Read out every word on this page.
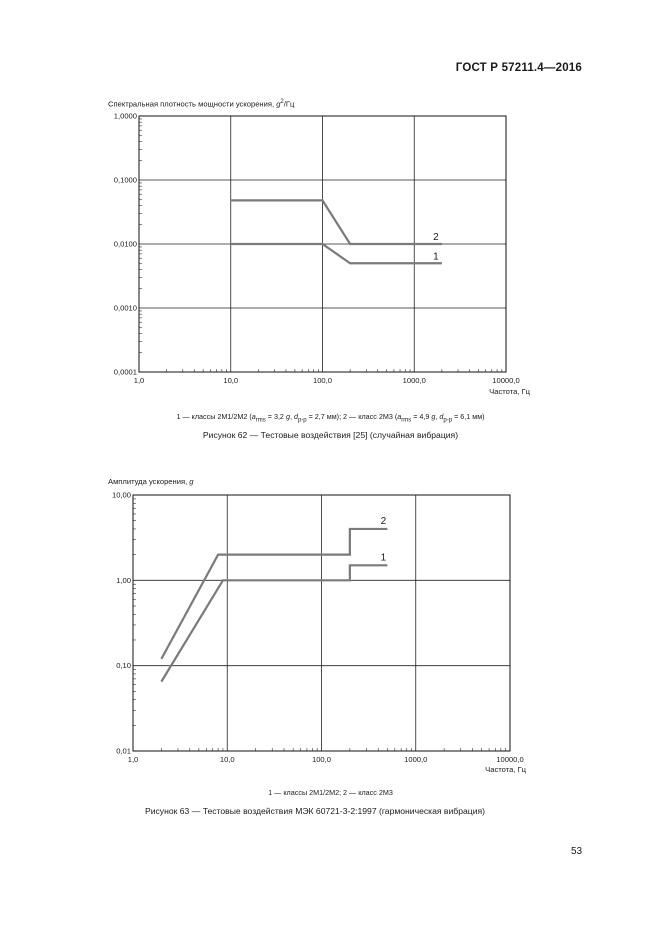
ГОСТ Р 57211.4—2016
Спектральная плотность мощности ускорения, $g^2/Гц$
1,0	10,0	100,0	1000,0	10000,0
0,0001
0,0010
0,0100
0,1000
1,0000
1
2
1,0	10,0	100,0	1000,0	10000,0
0,01
0,10
1,00
10,00
1
2
Частота, Гц
1 — классы 2М1/2М2 ($a_{rms} = 3,2$ g, $d_{p-p} = 2,7$ мм); 2 — класс 2М3 ($a_{rms} = 4,9$ g, $d_{p-p} = 6,1$ мм)
Рисунок 62 — Тестовые воздействия [25] (случайная вибрация)
Амплитуда ускорения, g
Частота, Гц
1 — классы 2М1/2М2; 2 — класс 2М3
Рисунок 63 — Тестовые воздействия МЭК 60721-3-2:1997 (гармоническая вибрация)
53
